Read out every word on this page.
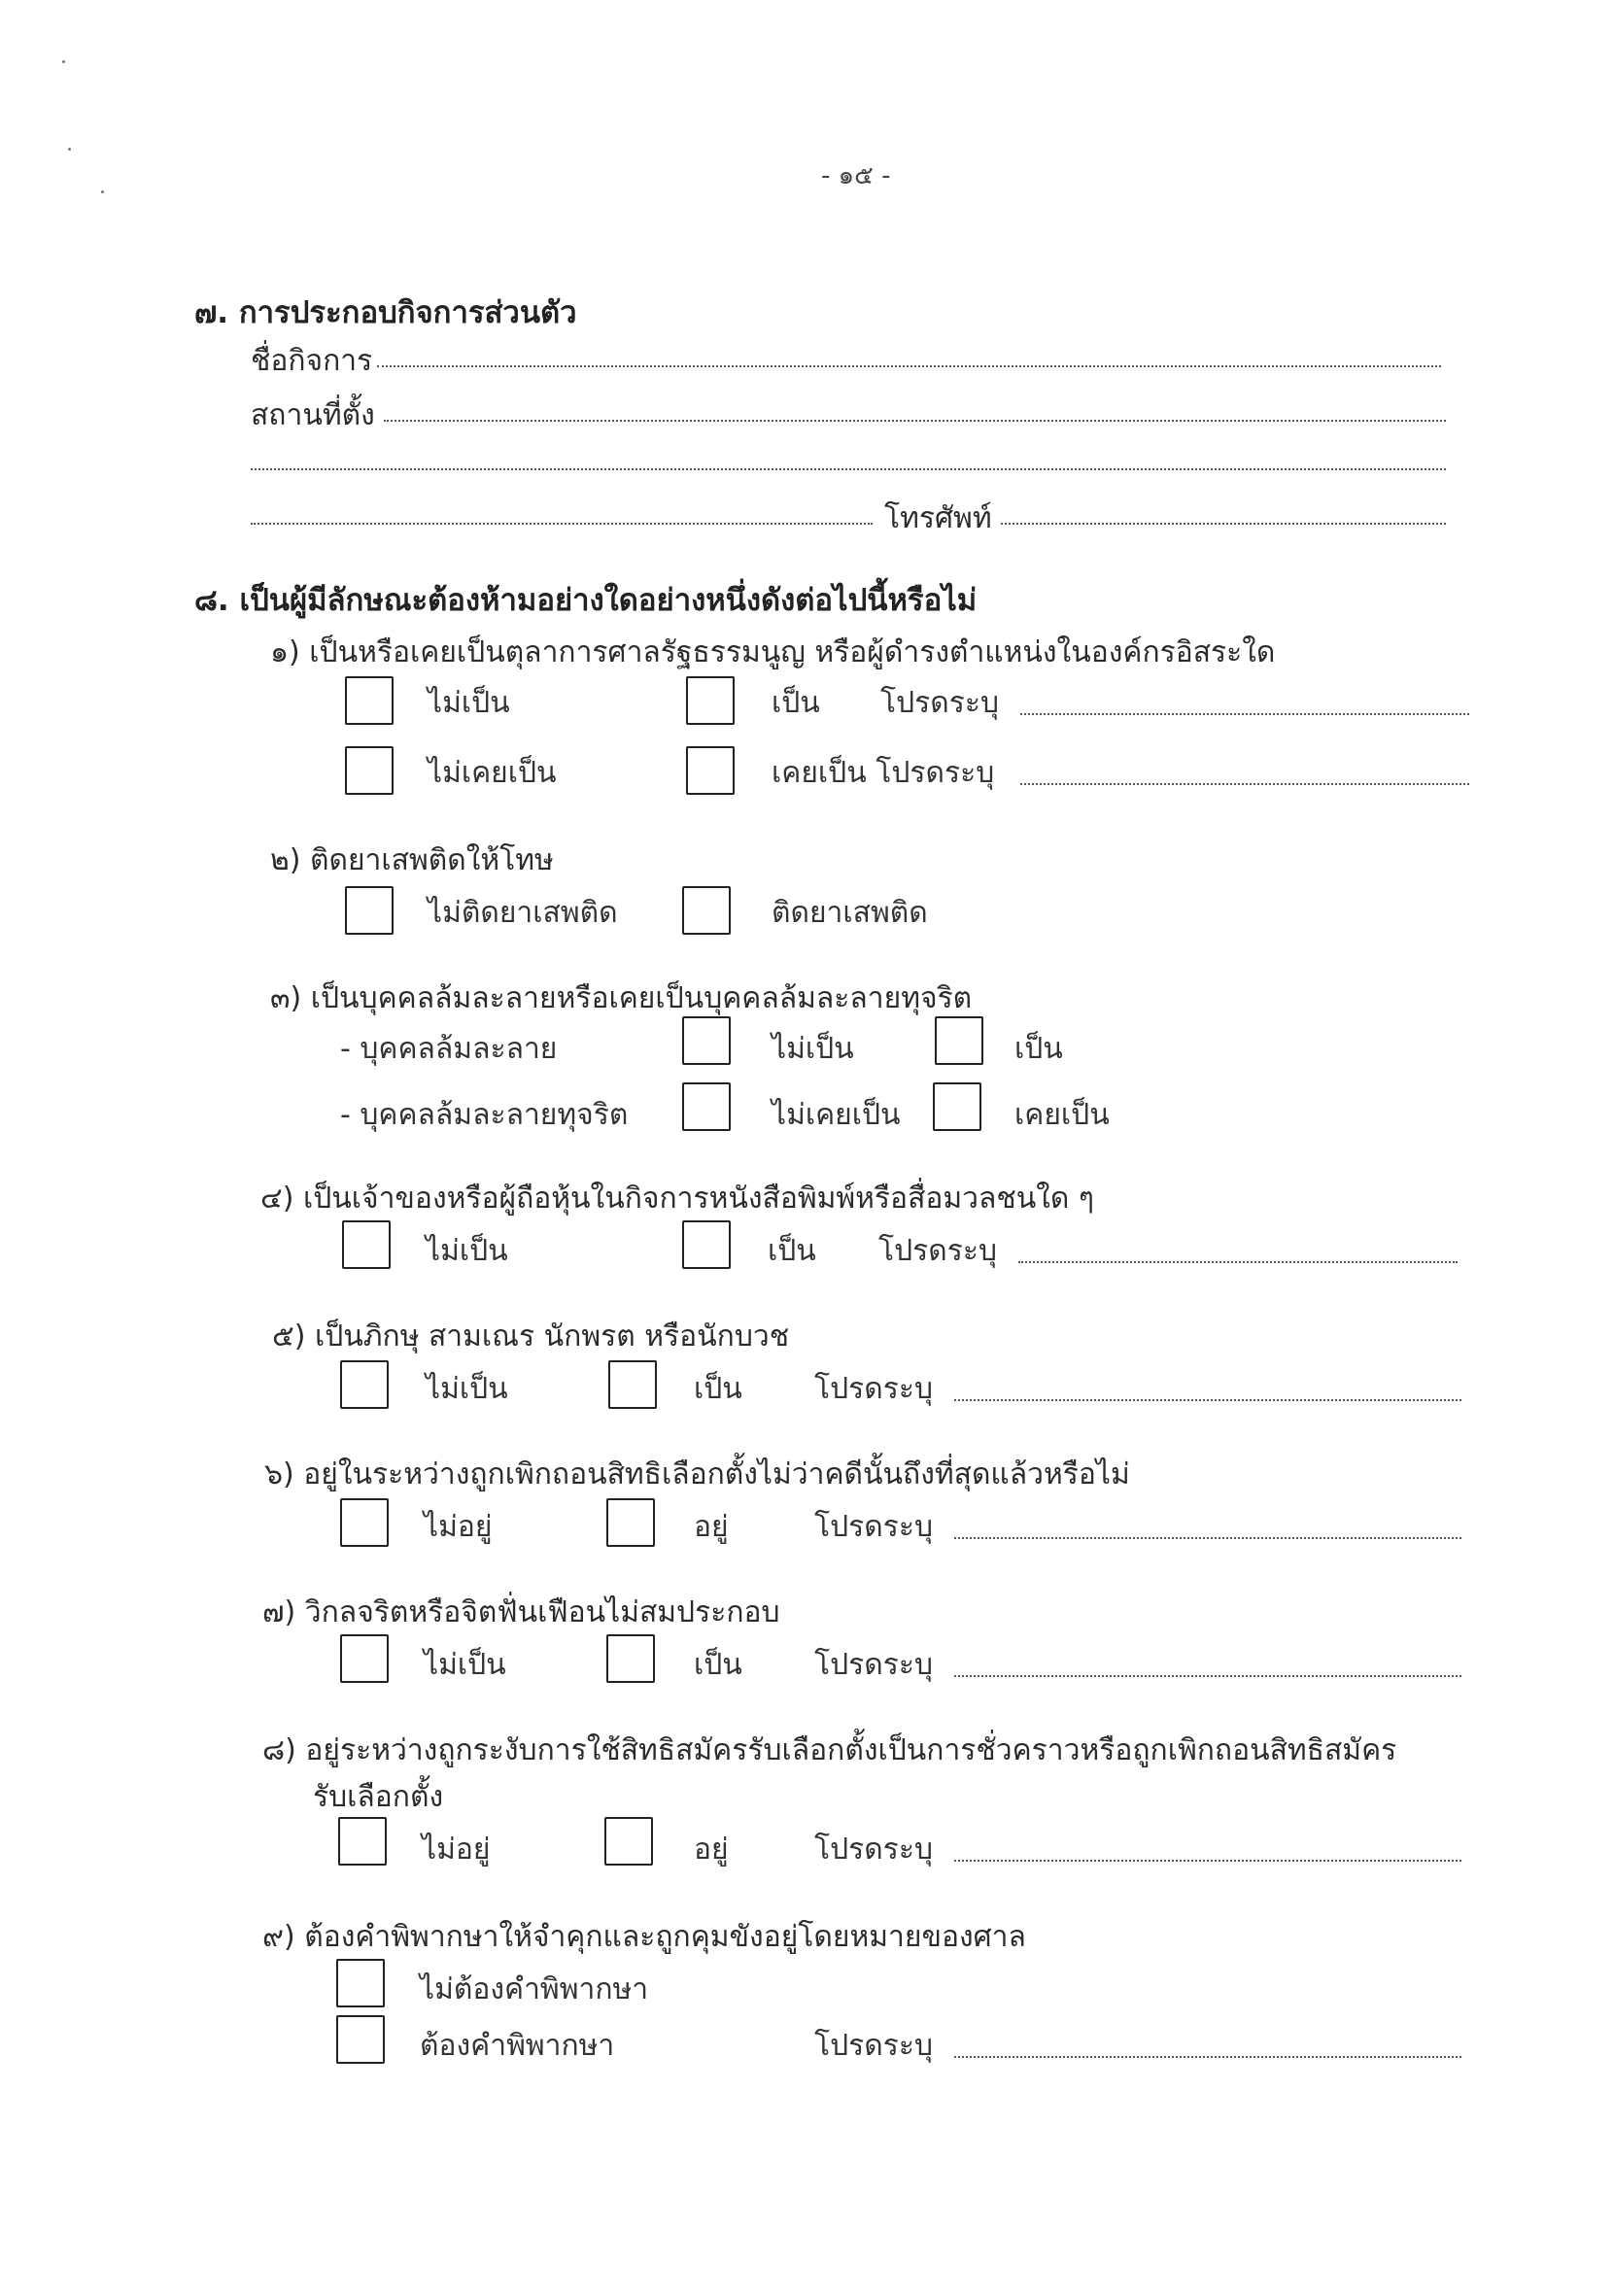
- ๑๕ -
๗. การประกอบกิจการส่วนตัว
ชื่อกิจการ
สถานที่ตั้ง
โทรศัพท์
๘. เป็นผู้มีลักษณะต้องห้ามอย่างใดอย่างหนึ่งดังต่อไปนี้หรือไม่
๑) เป็นหรือเคยเป็นตุลาการศาลรัฐธรรมนูญ หรือผู้ดำรงตำแหน่งในองค์กรอิสระใด
ไม่เป็น	เป็น โปรดระบุ
ไม่เคยเป็น	เคยเป็น โปรดระบุ
๒) ติดยาเสพติดให้โทษ
ไม่ติดยาเสพติด	ติดยาเสพติด
๓) เป็นบุคคลล้มละลายหรือเคยเป็นบุคคลล้มละลายทุจริต
- บุคคลล้มละลาย	ไม่เป็น	เป็น
- บุคคลล้มละลายทุจริต	ไม่เคยเป็น	เคยเป็น
๔) เป็นเจ้าของหรือผู้ถือหุ้นในกิจการหนังสือพิมพ์หรือสื่อมวลชนใด ๆ
ไม่เป็น	เป็น โปรดระบุ
๕) เป็นภิกษุ สามเณร นักพรต หรือนักบวช
ไม่เป็น	เป็น โปรดระบุ
๖) อยู่ในระหว่างถูกเพิกถอนสิทธิเลือกตั้งไม่ว่าคดีนั้นถึงที่สุดแล้วหรือไม่
ไม่อยู่	อยู่	โปรดระบุ
๗) วิกลจริตหรือจิตฟั่นเฟือนไม่สมประกอบ
ไม่เป็น	เป็น โปรดระบุ
๘) อยู่ระหว่างถูกระงับการใช้สิทธิสมัครรับเลือกตั้งเป็นการชั่วคราวหรือถูกเพิกถอนสิทธิสมัคร
รับเลือกตั้ง
ไม่อยู่	อยู่	โปรดระบุ
๙) ต้องคำพิพากษาให้จำคุกและถูกคุมขังอยู่โดยหมายของศาล
ไม่ต้องคำพิพากษา
ต้องคำพิพากษา	โปรดระบุ
